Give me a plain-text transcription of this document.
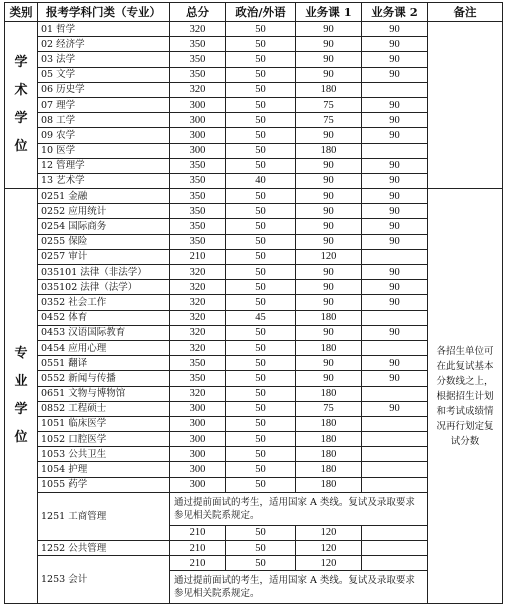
类别	报考学科门类（专业）	总分	政治/外语	业务课 1	业务课 2	备注

学
术
学
位	01 哲学	320	50	90	90	
	02 经济学	350	50	90	90	
	03 法学	350	50	90	90	
	05 文学	350	50	90	90	
	06 历史学	320	50	180		
	07 理学	300	50	75	90	
	08 工学	300	50	75	90	
	09 农学	300	50	90	90	
	10 医学	300	50	180		
	12 管理学	350	50	90	90	
	13 艺术学	350	40	90	90	

专
业
学
位	0251 金融	350	50	90	90	各招生单位可在此复试基本分数线之上，根据招生计划和考试成绩情况再行划定复试分数
	0252 应用统计	350	50	90	90	
	0254 国际商务	350	50	90	90	
	0255 保险	350	50	90	90	
	0257 审计	210	50	120		
	035101 法律（非法学）	320	50	90	90	
	035102 法律（法学）	320	50	90	90	
	0352 社会工作	320	50	90	90	
	0452 体育	320	45	180		
	0453 汉语国际教育	320	50	90	90	
	0454 应用心理	320	50	180		
	0551 翻译	350	50	90	90	
	0552 新闻与传播	350	50	90	90	
	0651 文物与博物馆	320	50	180		
	0852 工程硕士	300	50	75	90	
	1051 临床医学	300	50	180		
	1052 口腔医学	300	50	180		
	1053 公共卫生	300	50	180		
	1054 护理	300	50	180		
	1055 药学	300	50	180		
	1251 工商管理	通过提前面试的考生，适用国家 A 类线。复试及录取要求参见相关院系规定。				
		210	50	120		
	1252 公共管理	210	50	120		
	1253 会计	210	50	120		
		通过提前面试的考生，适用国家 A 类线。复试及录取要求参见相关院系规定。				
